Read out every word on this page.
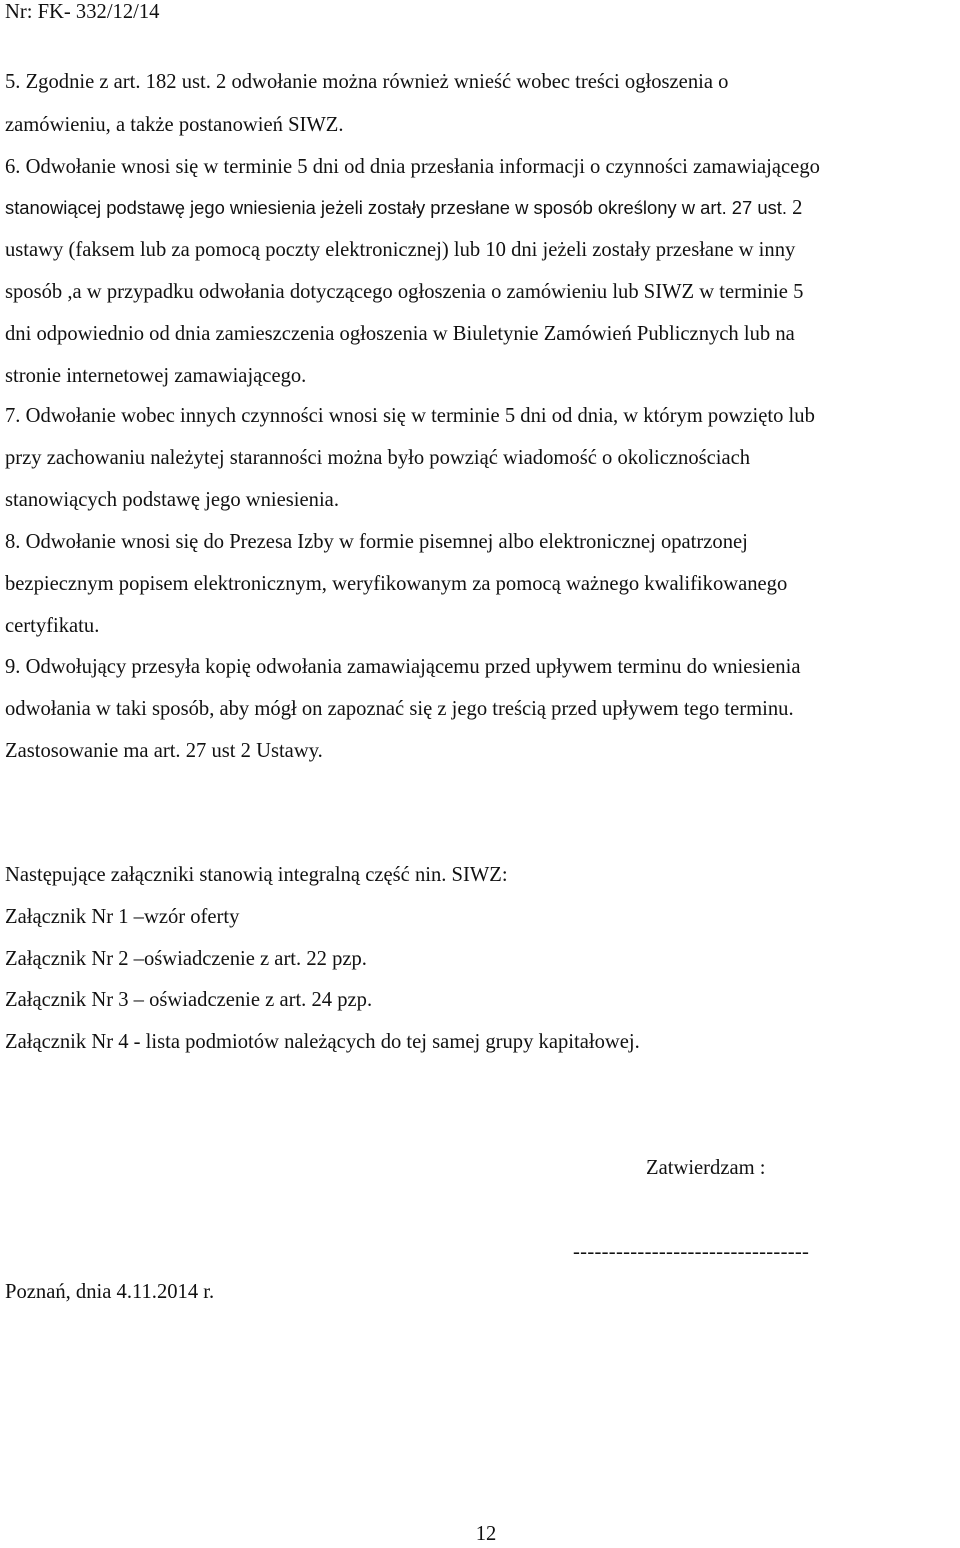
Nr: FK- 332/12/14
5. Zgodnie z art. 182 ust. 2 odwołanie można również wnieść wobec treści ogłoszenia o
zamówieniu, a także postanowień SIWZ.
6. Odwołanie wnosi się w terminie 5 dni od dnia przesłania informacji o czynności zamawiającego
stanowiącej podstawę jego wniesienia jeżeli zostały przesłane w sposób określony w art. 27 ust. 2
ustawy (faksem lub za pomocą poczty elektronicznej) lub 10 dni jeżeli zostały przesłane w inny
sposób ,a w przypadku odwołania dotyczącego ogłoszenia o zamówieniu lub SIWZ w terminie 5
dni odpowiednio od dnia zamieszczenia ogłoszenia w Biuletynie Zamówień Publicznych lub na
stronie internetowej zamawiającego.
7. Odwołanie wobec innych czynności wnosi się w terminie 5 dni od dnia, w którym powzięto lub
przy zachowaniu należytej staranności można było powziąć wiadomość o okolicznościach
stanowiących podstawę jego wniesienia.
8. Odwołanie wnosi się do Prezesa Izby w formie pisemnej albo elektronicznej opatrzonej
bezpiecznym popisem elektronicznym, weryfikowanym za pomocą ważnego kwalifikowanego
certyfikatu.
9. Odwołujący przesyła kopię odwołania zamawiającemu przed upływem terminu do wniesienia
odwołania w taki sposób, aby mógł on zapoznać się z jego treścią przed upływem tego terminu.
Zastosowanie ma art. 27 ust 2 Ustawy.
Następujące załączniki stanowią integralną część nin. SIWZ:
Załącznik Nr 1 –wzór oferty
Załącznik Nr 2 –oświadczenie z art. 22 pzp.
Załącznik Nr 3 – oświadczenie z art. 24 pzp.
Załącznik Nr 4 - lista podmiotów należących do tej samej grupy kapitałowej.
Zatwierdzam :
---------------------------------
Poznań, dnia 4.11.2014 r.
12
